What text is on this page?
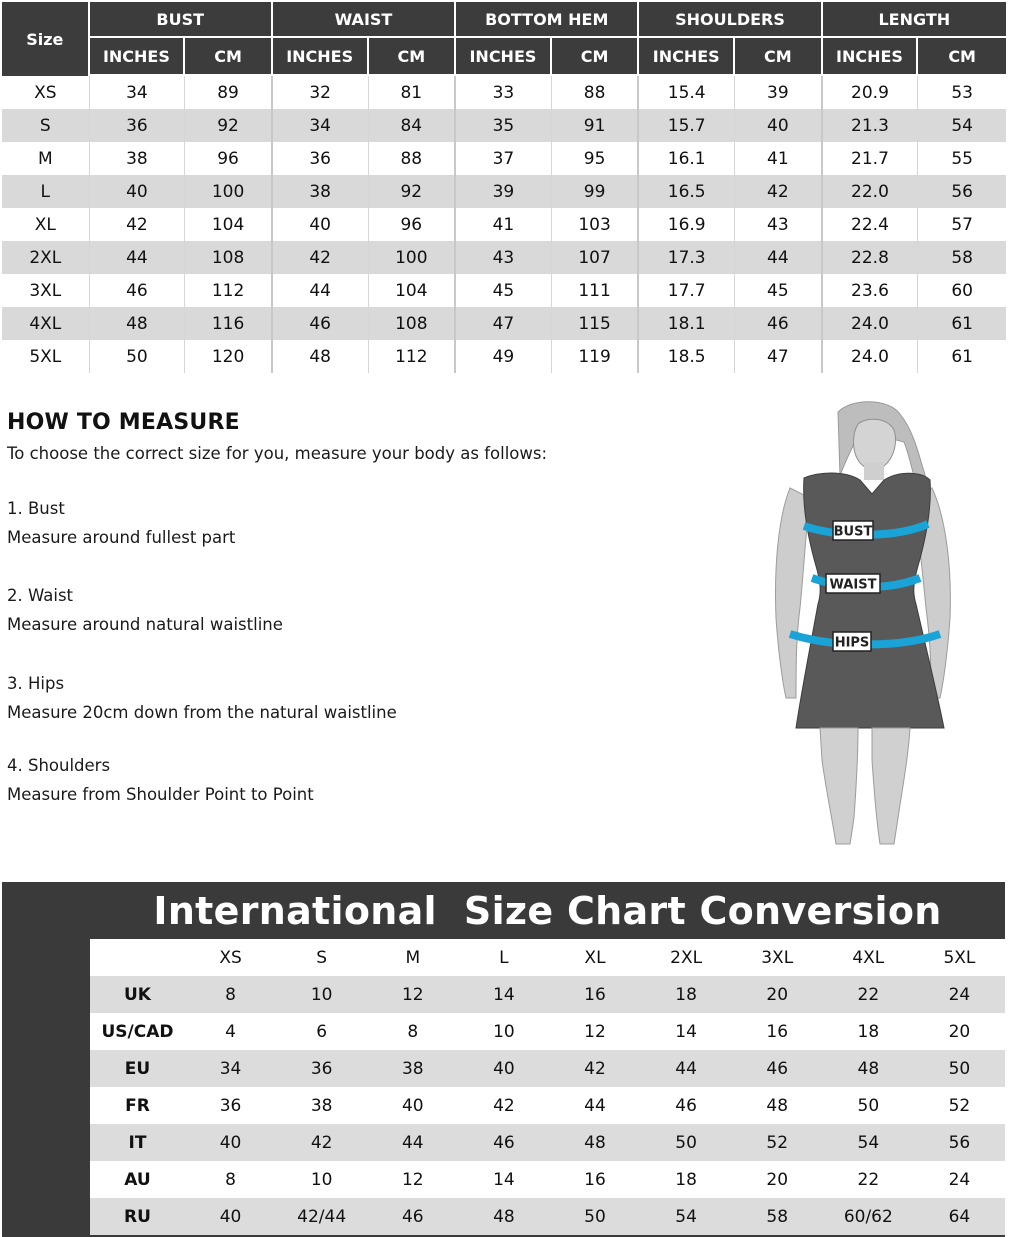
Size	BUST		WAIST		BOTTOM HEM		SHOULDERS		LENGTH	
	INCHES	CM	INCHES	CM	INCHES	CM	INCHES	CM	INCHES	CM
XS	34	89	32	81	33	88	15.4	39	20.9	53
S	36	92	34	84	35	91	15.7	40	21.3	54
M	38	96	36	88	37	95	16.1	41	21.7	55
L	40	100	38	92	39	99	16.5	42	22.0	56
XL	42	104	40	96	41	103	16.9	43	22.4	57
2XL	44	108	42	100	43	107	17.3	44	22.8	58
3XL	46	112	44	104	45	111	17.7	45	23.6	60
4XL	48	116	46	108	47	115	18.1	46	24.0	61
5XL	50	120	48	112	49	119	18.5	47	24.0	61
HOW TO MEASURE

To choose the correct size for you, measure your body as follows:

1. Bust

Measure around fullest part

2. Waist

Measure around natural waistline

3. Hips

Measure 20cm down from the natural waistline

4. Shoulders

Measure from Shoulder Point to Point

BUST
WAIST
HIPS
International  Size Chart Conversion
	XS	S	M	L	XL	2XL	3XL	4XL	5XL
UK	8	10	12	14	16	18	20	22	24
US/CAD	4	6	8	10	12	14	16	18	20
EU	34	36	38	40	42	44	46	48	50
FR	36	38	40	42	44	46	48	50	52
IT	40	42	44	46	48	50	52	54	56
AU	8	10	12	14	16	18	20	22	24
RU	40	42/44	46	48	50	54	58	60/62	64
